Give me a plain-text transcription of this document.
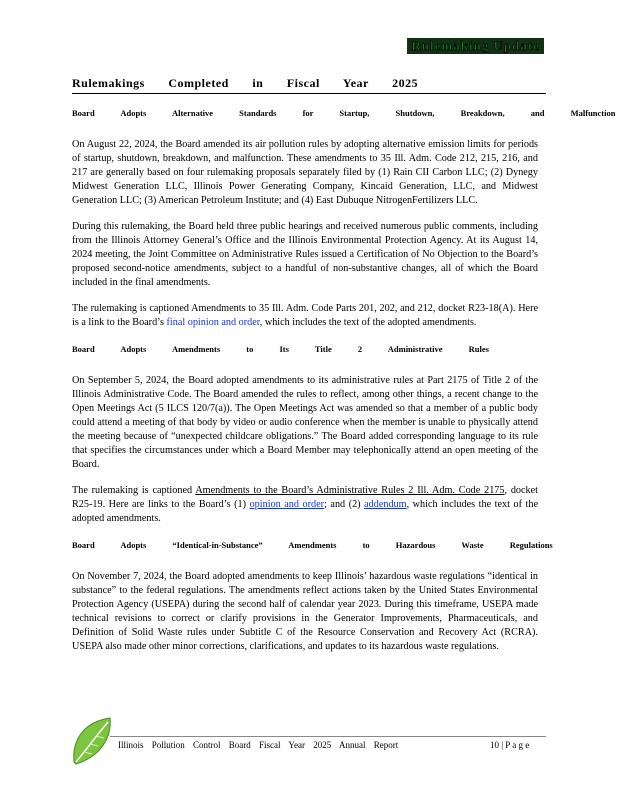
Rulemaking Update
Rulemakings Completed in Fiscal Year 2025
Board Adopts Alternative Standards for Startup, Shutdown, Breakdown, and Malfunction

On August 22, 2024, the Board amended its air pollution rules by adopting alternative emission limits for periods of startup, shutdown, breakdown, and malfunction. These amendments to 35 Ill. Adm. Code 212, 215, 216, and 217 are generally based on four rulemaking proposals separately filed by (1) Rain CII Carbon LLC; (2) Dynegy Midwest Generation LLC, Illinois Power Generating Company, Kincaid Generation, LLC, and Midwest Generation LLC; (3) American Petroleum Institute; and (4) East Dubuque NitrogenFertilizers LLC.

During this rulemaking, the Board held three public hearings and received numerous public comments, including from the Illinois Attorney General’s Office and the Illinois Environmental Protection Agency. At its August 14, 2024 meeting, the Joint Committee on Administrative Rules issued a Certification of No Objection to the Board’s proposed second-notice amendments, subject to a handful of non-substantive changes, all of which the Board included in the final amendments.

The rulemaking is captioned Amendments to 35 Ill. Adm. Code Parts 201, 202, and 212, docket R23-18(A). Here is a link to the Board’s final opinion and order, which includes the text of the adopted amendments.

Board Adopts Amendments to Its Title 2 Administrative Rules

On September 5, 2024, the Board adopted amendments to its administrative rules at Part 2175 of Title 2 of the Illinois Administrative Code. The Board amended the rules to reflect, among other things, a recent change to the Open Meetings Act (5 ILCS 120/7(a)). The Open Meetings Act was amended so that a member of a public body could attend a meeting of that body by video or audio conference when the member is unable to physically attend the meeting because of “unexpected childcare obligations.” The Board added corresponding language to its rule that specifies the circumstances under which a Board Member may telephonically attend an open meeting of the Board.

The rulemaking is captioned Amendments to the Board’s Administrative Rules 2 Ill. Adm. Code 2175, docket R25-19. Here are links to the Board’s (1) opinion and order; and (2) addendum, which includes the text of the adopted amendments.

Board Adopts “Identical-in-Substance” Amendments to Hazardous Waste Regulations

On November 7, 2024, the Board adopted amendments to keep Illinois’ hazardous waste regulations “identical in substance” to the federal regulations. The amendments reflect actions taken by the United States Environmental Protection Agency (USEPA) during the second half of calendar year 2023. During this timeframe, USEPA made technical revisions to correct or clarify provisions in the Generator Improvements, Pharmaceuticals, and Definition of Solid Waste rules under Subtitle C of the Resource Conservation and Recovery Act (RCRA). USEPA also made other minor corrections, clarifications, and updates to its hazardous waste regulations.

Illinois Pollution Control Board Fiscal Year 2025 Annual Report	10 | P a g e
